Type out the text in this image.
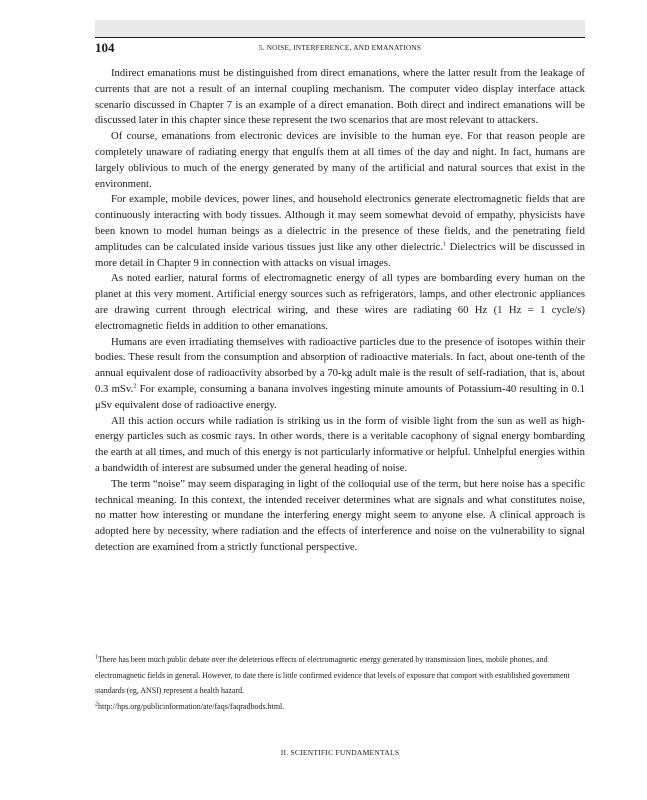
104	5. NOISE, INTERFERENCE, AND EMANATIONS

Indirect emanations must be distinguished from direct emanations, where the latter result from the leakage of currents that are not a result of an internal coupling mechanism. The computer video display interface attack scenario discussed in Chapter 7 is an example of a direct emanation. Both direct and indirect emanations will be discussed later in this chapter since these represent the two scenarios that are most relevant to attackers.

Of course, emanations from electronic devices are invisible to the human eye. For that reason people are completely unaware of radiating energy that engulfs them at all times of the day and night. In fact, humans are largely oblivious to much of the energy generated by many of the artificial and natural sources that exist in the environment.

For example, mobile devices, power lines, and household electronics generate electromagnetic fields that are continuously interacting with body tissues. Although it may seem somewhat devoid of empathy, physicists have been known to model human beings as a dielectric in the presence of these fields, and the penetrating field amplitudes can be calculated inside various tissues just like any other dielectric.$^1$ Dielectrics will be discussed in more detail in Chapter 9 in connection with attacks on visual images.

As noted earlier, natural forms of electromagnetic energy of all types are bombarding every human on the planet at this very moment. Artificial energy sources such as refrigerators, lamps, and other electronic appliances are drawing current through electrical wiring, and these wires are radiating 60 Hz (1 Hz = 1 cycle/s) electromagnetic fields in addition to other emanations.

Humans are even irradiating themselves with radioactive particles due to the presence of isotopes within their bodies. These result from the consumption and absorption of radioactive materials. In fact, about one-tenth of the annual equivalent dose of radioactivity absorbed by a 70-kg adult male is the result of self-radiation, that is, about 0.3 mSv.$^2$ For example, consuming a banana involves ingesting minute amounts of Potassium-40 resulting in 0.1 μSv equivalent dose of radioactive energy.

All this action occurs while radiation is striking us in the form of visible light from the sun as well as high-energy particles such as cosmic rays. In other words, there is a veritable cacophony of signal energy bombarding the earth at all times, and much of this energy is not particularly informative or helpful. Unhelpful energies within a bandwidth of interest are subsumed under the general heading of noise.

The term “noise” may seem disparaging in light of the colloquial use of the term, but here noise has a specific technical meaning. In this context, the intended receiver determines what are signals and what constitutes noise, no matter how interesting or mundane the interfering energy might seem to anyone else. A clinical approach is adopted here by necessity, where radiation and the effects of interference and noise on the vulnerability to signal detection are examined from a strictly functional perspective.

$^1$There has been much public debate over the deleterious effects of electromagnetic energy generated by transmission lines, mobile phones, and electromagnetic fields in general. However, to date there is little confirmed evidence that levels of exposure that comport with established government standards (eg, ANSI) represent a health hazard.

$^2$http://hps.org/publicinformation/ate/faqs/faqradbods.html.

II. SCIENTIFIC FUNDAMENTALS
